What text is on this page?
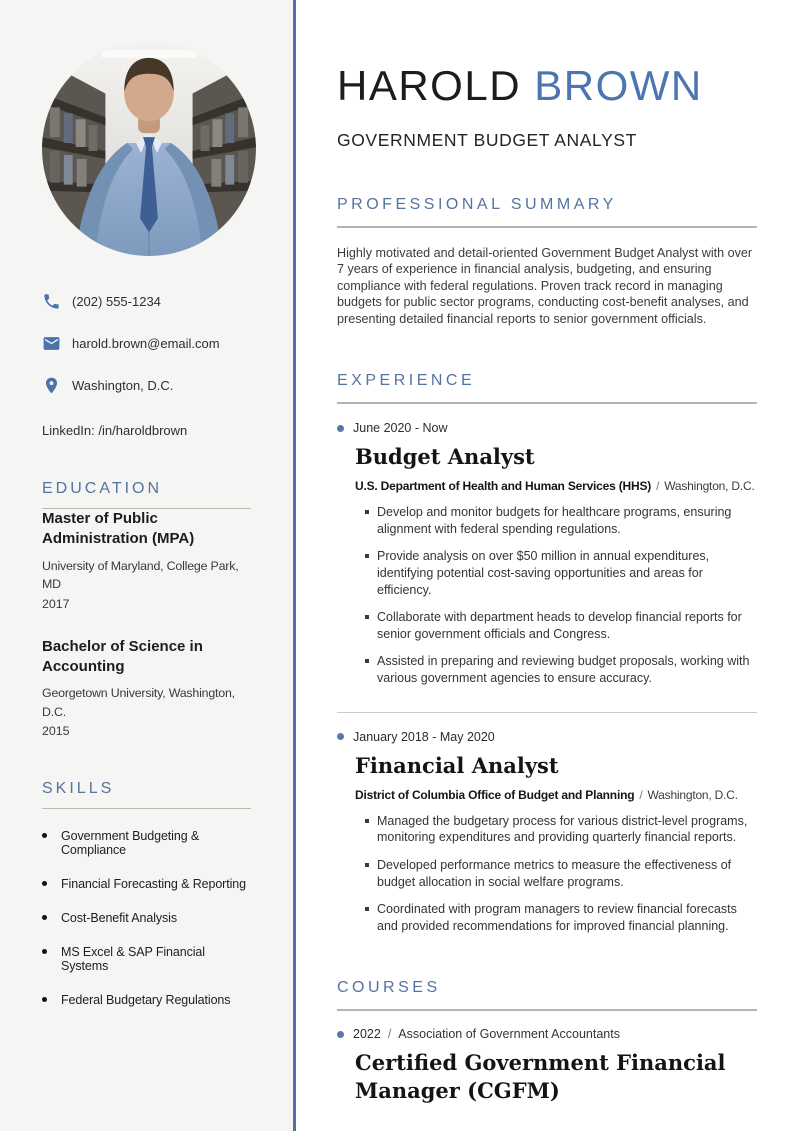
(202) 555-1234
harold.brown@email.com
Washington, D.C.
LinkedIn: /in/haroldbrown
EDUCATION
Master of Public Administration (MPA)
University of Maryland, College Park, MD
2017
Bachelor of Science in Accounting
Georgetown University, Washington, D.C.
2015
SKILLS
Government Budgeting & Compliance
Financial Forecasting & Reporting
Cost-Benefit Analysis
MS Excel & SAP Financial Systems
Federal Budgetary Regulations
HAROLD BROWN
GOVERNMENT BUDGET ANALYST
PROFESSIONAL SUMMARY

Highly motivated and detail-oriented Government Budget Analyst with over 7 years of experience in financial analysis, budgeting, and ensuring compliance with federal regulations. Proven track record in managing budgets for public sector programs, conducting cost-benefit analyses, and presenting detailed financial reports to senior government officials.

EXPERIENCE
June 2020 - Now
Budget Analyst
U.S. Department of Health and Human Services (HHS) / Washington, D.C.
Develop and monitor budgets for healthcare programs, ensuring alignment with federal spending regulations.
Provide analysis on over $50 million in annual expenditures, identifying potential cost-saving opportunities and areas for efficiency.
Collaborate with department heads to develop financial reports for senior government officials and Congress.
Assisted in preparing and reviewing budget proposals, working with various government agencies to ensure accuracy.
January 2018 - May 2020
Financial Analyst
District of Columbia Office of Budget and Planning / Washington, D.C.
Managed the budgetary process for various district-level programs, monitoring expenditures and providing quarterly financial reports.
Developed performance metrics to measure the effectiveness of budget allocation in social welfare programs.
Coordinated with program managers to review financial forecasts and provided recommendations for improved financial planning.
COURSES
2022 / Association of Government Accountants
Certified Government Financial Manager (CGFM)
